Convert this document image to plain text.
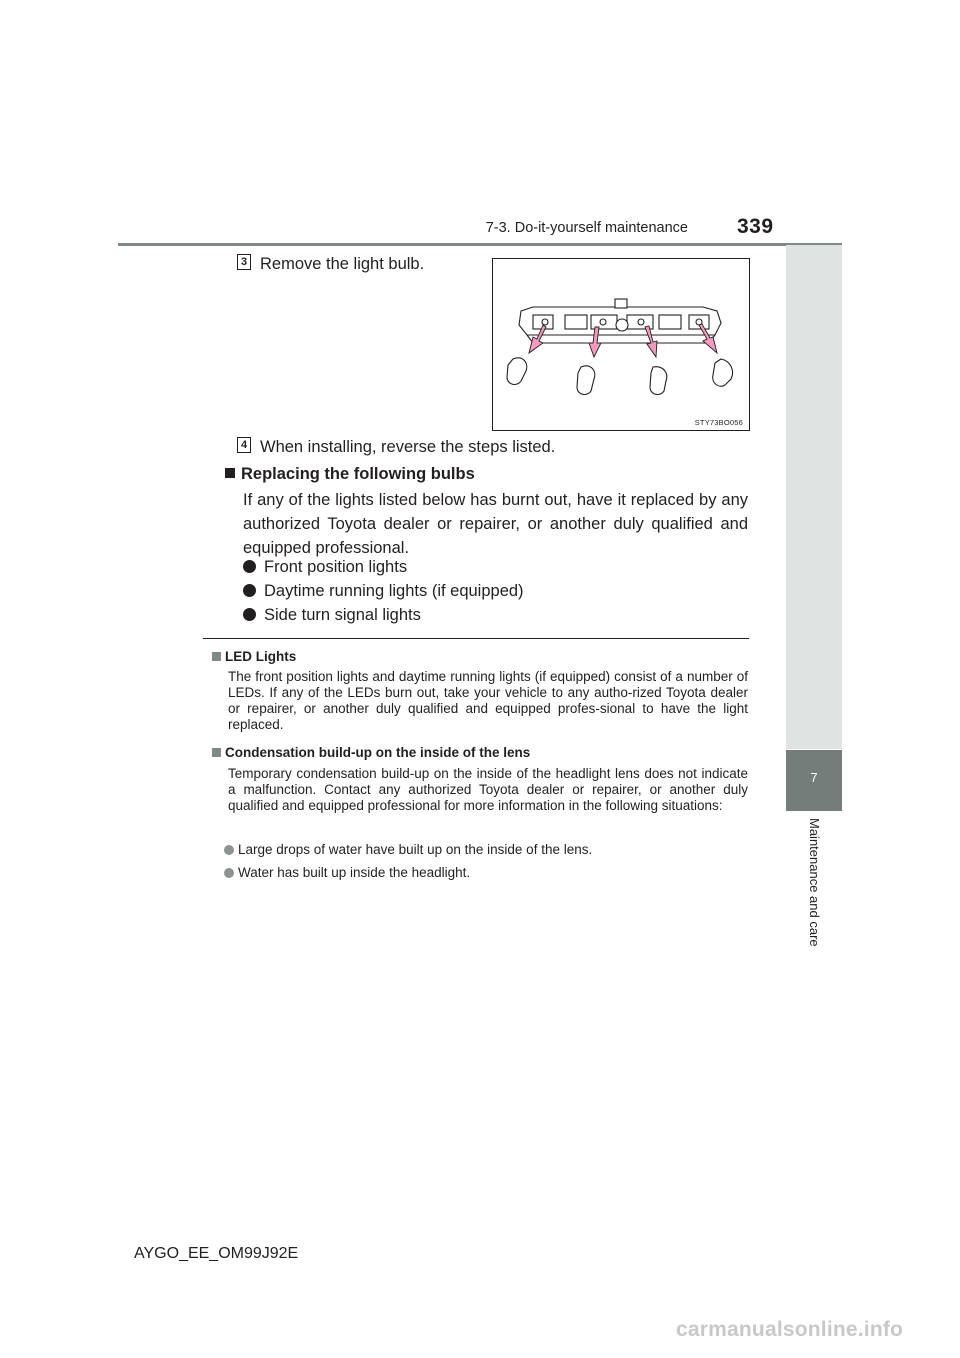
7-3. Do-it-yourself maintenance 339
7
Maintenance and care
3 Remove the light bulb.
STY73BO056
4 When installing, reverse the steps listed.
Replacing the following bulbs
If any of the lights listed below has burnt out, have it replaced by any authorized Toyota dealer or repairer, or another duly qualified and equipped professional.
Front position lights
Daytime running lights (if equipped)
Side turn signal lights
LED Lights
The front position lights and daytime running lights (if equipped) consist of a number of LEDs. If any of the LEDs burn out, take your vehicle to any autho-rized Toyota dealer or repairer, or another duly qualified and equipped profes-sional to have the light replaced.
Condensation build-up on the inside of the lens
Temporary condensation build-up on the inside of the headlight lens does not indicate a malfunction. Contact any authorized Toyota dealer or repairer, or another duly qualified and equipped professional for more information in the following situations:
Large drops of water have built up on the inside of the lens.
Water has built up inside the headlight.
AYGO_EE_OM99J92E
carmanualsonline.info
